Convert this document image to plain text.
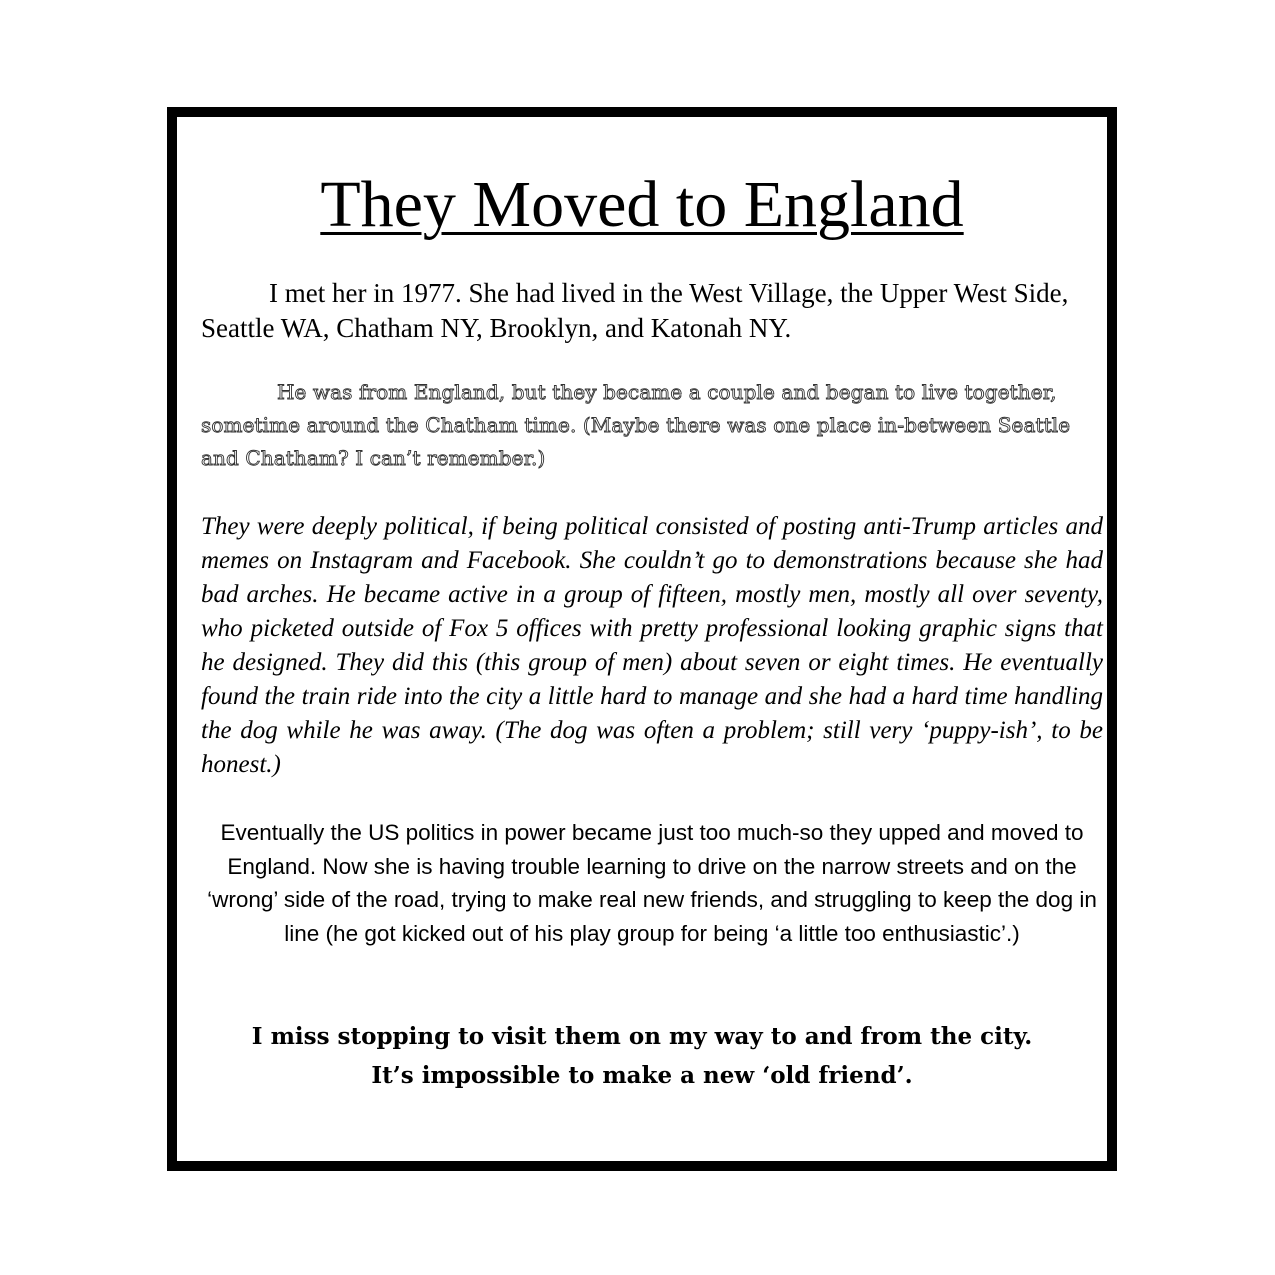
They Moved to England

I met her in 1977. She had lived in the West Village, the Upper West Side, Seattle WA, Chatham NY, Brooklyn, and Katonah NY.

He was from England, but they became a couple and began to live together, sometime around the Chatham time. (Maybe there was one place in-between Seattle and Chatham? I can’t remember.)

They were deeply political, if being political consisted of posting anti-Trump articles and memes on Instagram and Facebook. She couldn’t go to demonstrations because she had bad arches. He became active in a group of fifteen, mostly men, mostly all over seventy, who picketed outside of Fox 5 offices with pretty professional looking graphic signs that he designed. They did this (this group of men) about seven or eight times. He eventually found the train ride into the city a little hard to manage and she had a hard time handling the dog while he was away. (The dog was often a problem; still very ‘puppy-ish’, to be honest.)

Eventually the US politics in power became just too much-so they upped and moved to England. Now she is having trouble learning to drive on the narrow streets and on the ‘wrong’ side of the road, trying to make real new friends, and struggling to keep the dog in line (he got kicked out of his play group for being ‘a little too enthusiastic’.)

I miss stopping to visit them on my way to and from the city.
It’s impossible to make a new ‘old friend’.
